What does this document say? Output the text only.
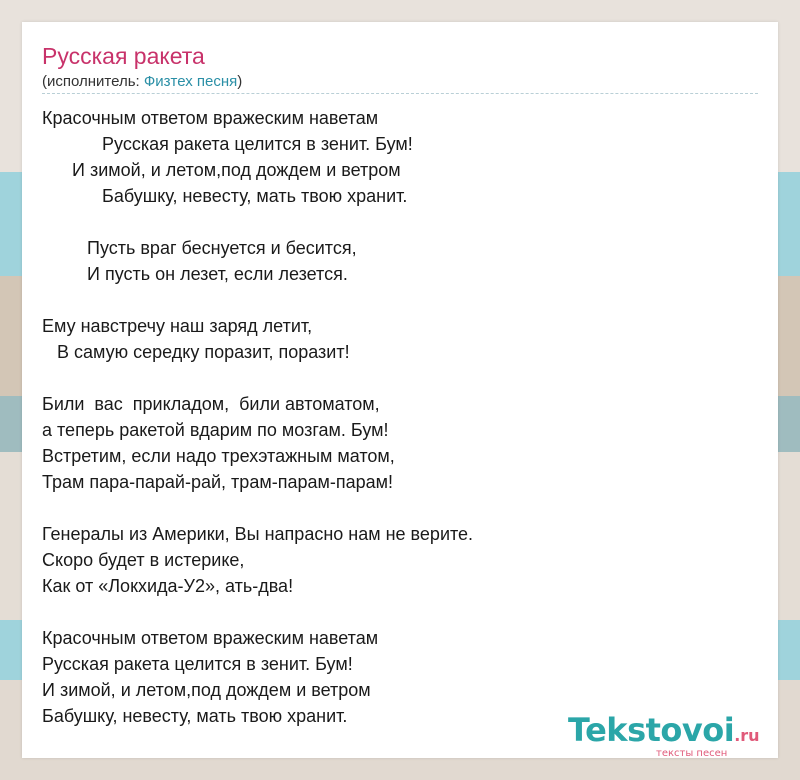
Русская ракета
(исполнитель: Физтех песня)
Красочным ответом вражеским наветам
Русская ракета целится в зенит. Бум!
И зимой, и летом,под дождем и ветром
Бабушку, невесту, мать твою хранит.
Пусть враг беснуется и бесится,
И пусть он лезет, если лезется.
Ему навстречу наш заряд летит,
В самую середку поразит, поразит!
Били  вас  прикладом,  били автоматом,
а теперь ракетой вдарим по мозгам. Бум!
Встретим, если надо трехэтажным матом,
Трам пара-парай-рай, трам-парам-парам!
Генералы из Америки, Вы напрасно нам не верите.
Скоро будет в истерике,
Как от «Локхида-У2», ать-два!
Красочным ответом вражеским наветам
Русская ракета целится в зенит. Бум!
И зимой, и летом,под дождем и ветром
Бабушку, невесту, мать твою хранит.	Tekstovoi.ru
тексты песен
